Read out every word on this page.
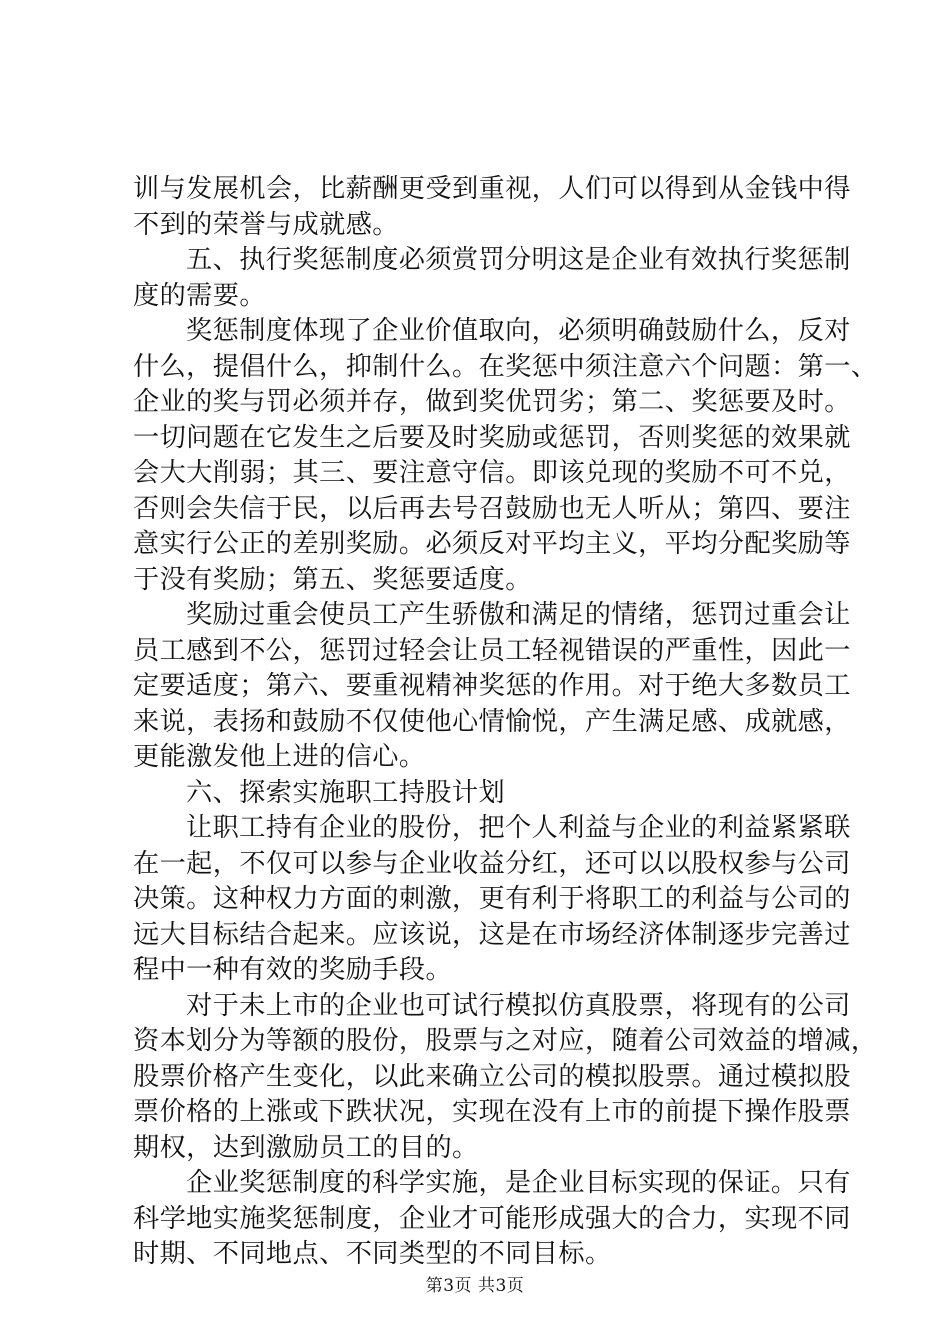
训与发展机会，比薪酬更受到重视，人们可以得到从金钱中得
不到的荣誉与成就感。
五、执行奖惩制度必须赏罚分明这是企业有效执行奖惩制
度的需要。
奖惩制度体现了企业价值取向，必须明确鼓励什么，反对
什么，提倡什么，抑制什么。在奖惩中须注意六个问题：第一、
企业的奖与罚必须并存，做到奖优罚劣；第二、奖惩要及时。
一切问题在它发生之后要及时奖励或惩罚，否则奖惩的效果就
会大大削弱；其三、要注意守信。即该兑现的奖励不可不兑，
否则会失信于民，以后再去号召鼓励也无人听从；第四、要注
意实行公正的差别奖励。必须反对平均主义，平均分配奖励等
于没有奖励；第五、奖惩要适度。
奖励过重会使员工产生骄傲和满足的情绪，惩罚过重会让
员工感到不公，惩罚过轻会让员工轻视错误的严重性，因此一
定要适度；第六、要重视精神奖惩的作用。对于绝大多数员工
来说，表扬和鼓励不仅使他心情愉悦，产生满足感、成就感，
更能激发他上进的信心。
六、探索实施职工持股计划
让职工持有企业的股份，把个人利益与企业的利益紧紧联
在一起，不仅可以参与企业收益分红，还可以以股权参与公司
决策。这种权力方面的刺激，更有利于将职工的利益与公司的
远大目标结合起来。应该说，这是在市场经济体制逐步完善过
程中一种有效的奖励手段。
对于未上市的企业也可试行模拟仿真股票，将现有的公司
资本划分为等额的股份，股票与之对应，随着公司效益的增减，
股票价格产生变化，以此来确立公司的模拟股票。通过模拟股
票价格的上涨或下跌状况，实现在没有上市的前提下操作股票
期权，达到激励员工的目的。
企业奖惩制度的科学实施，是企业目标实现的保证。只有
科学地实施奖惩制度，企业才可能形成强大的合力，实现不同
时期、不同地点、不同类型的不同目标。
第3页 共3页
